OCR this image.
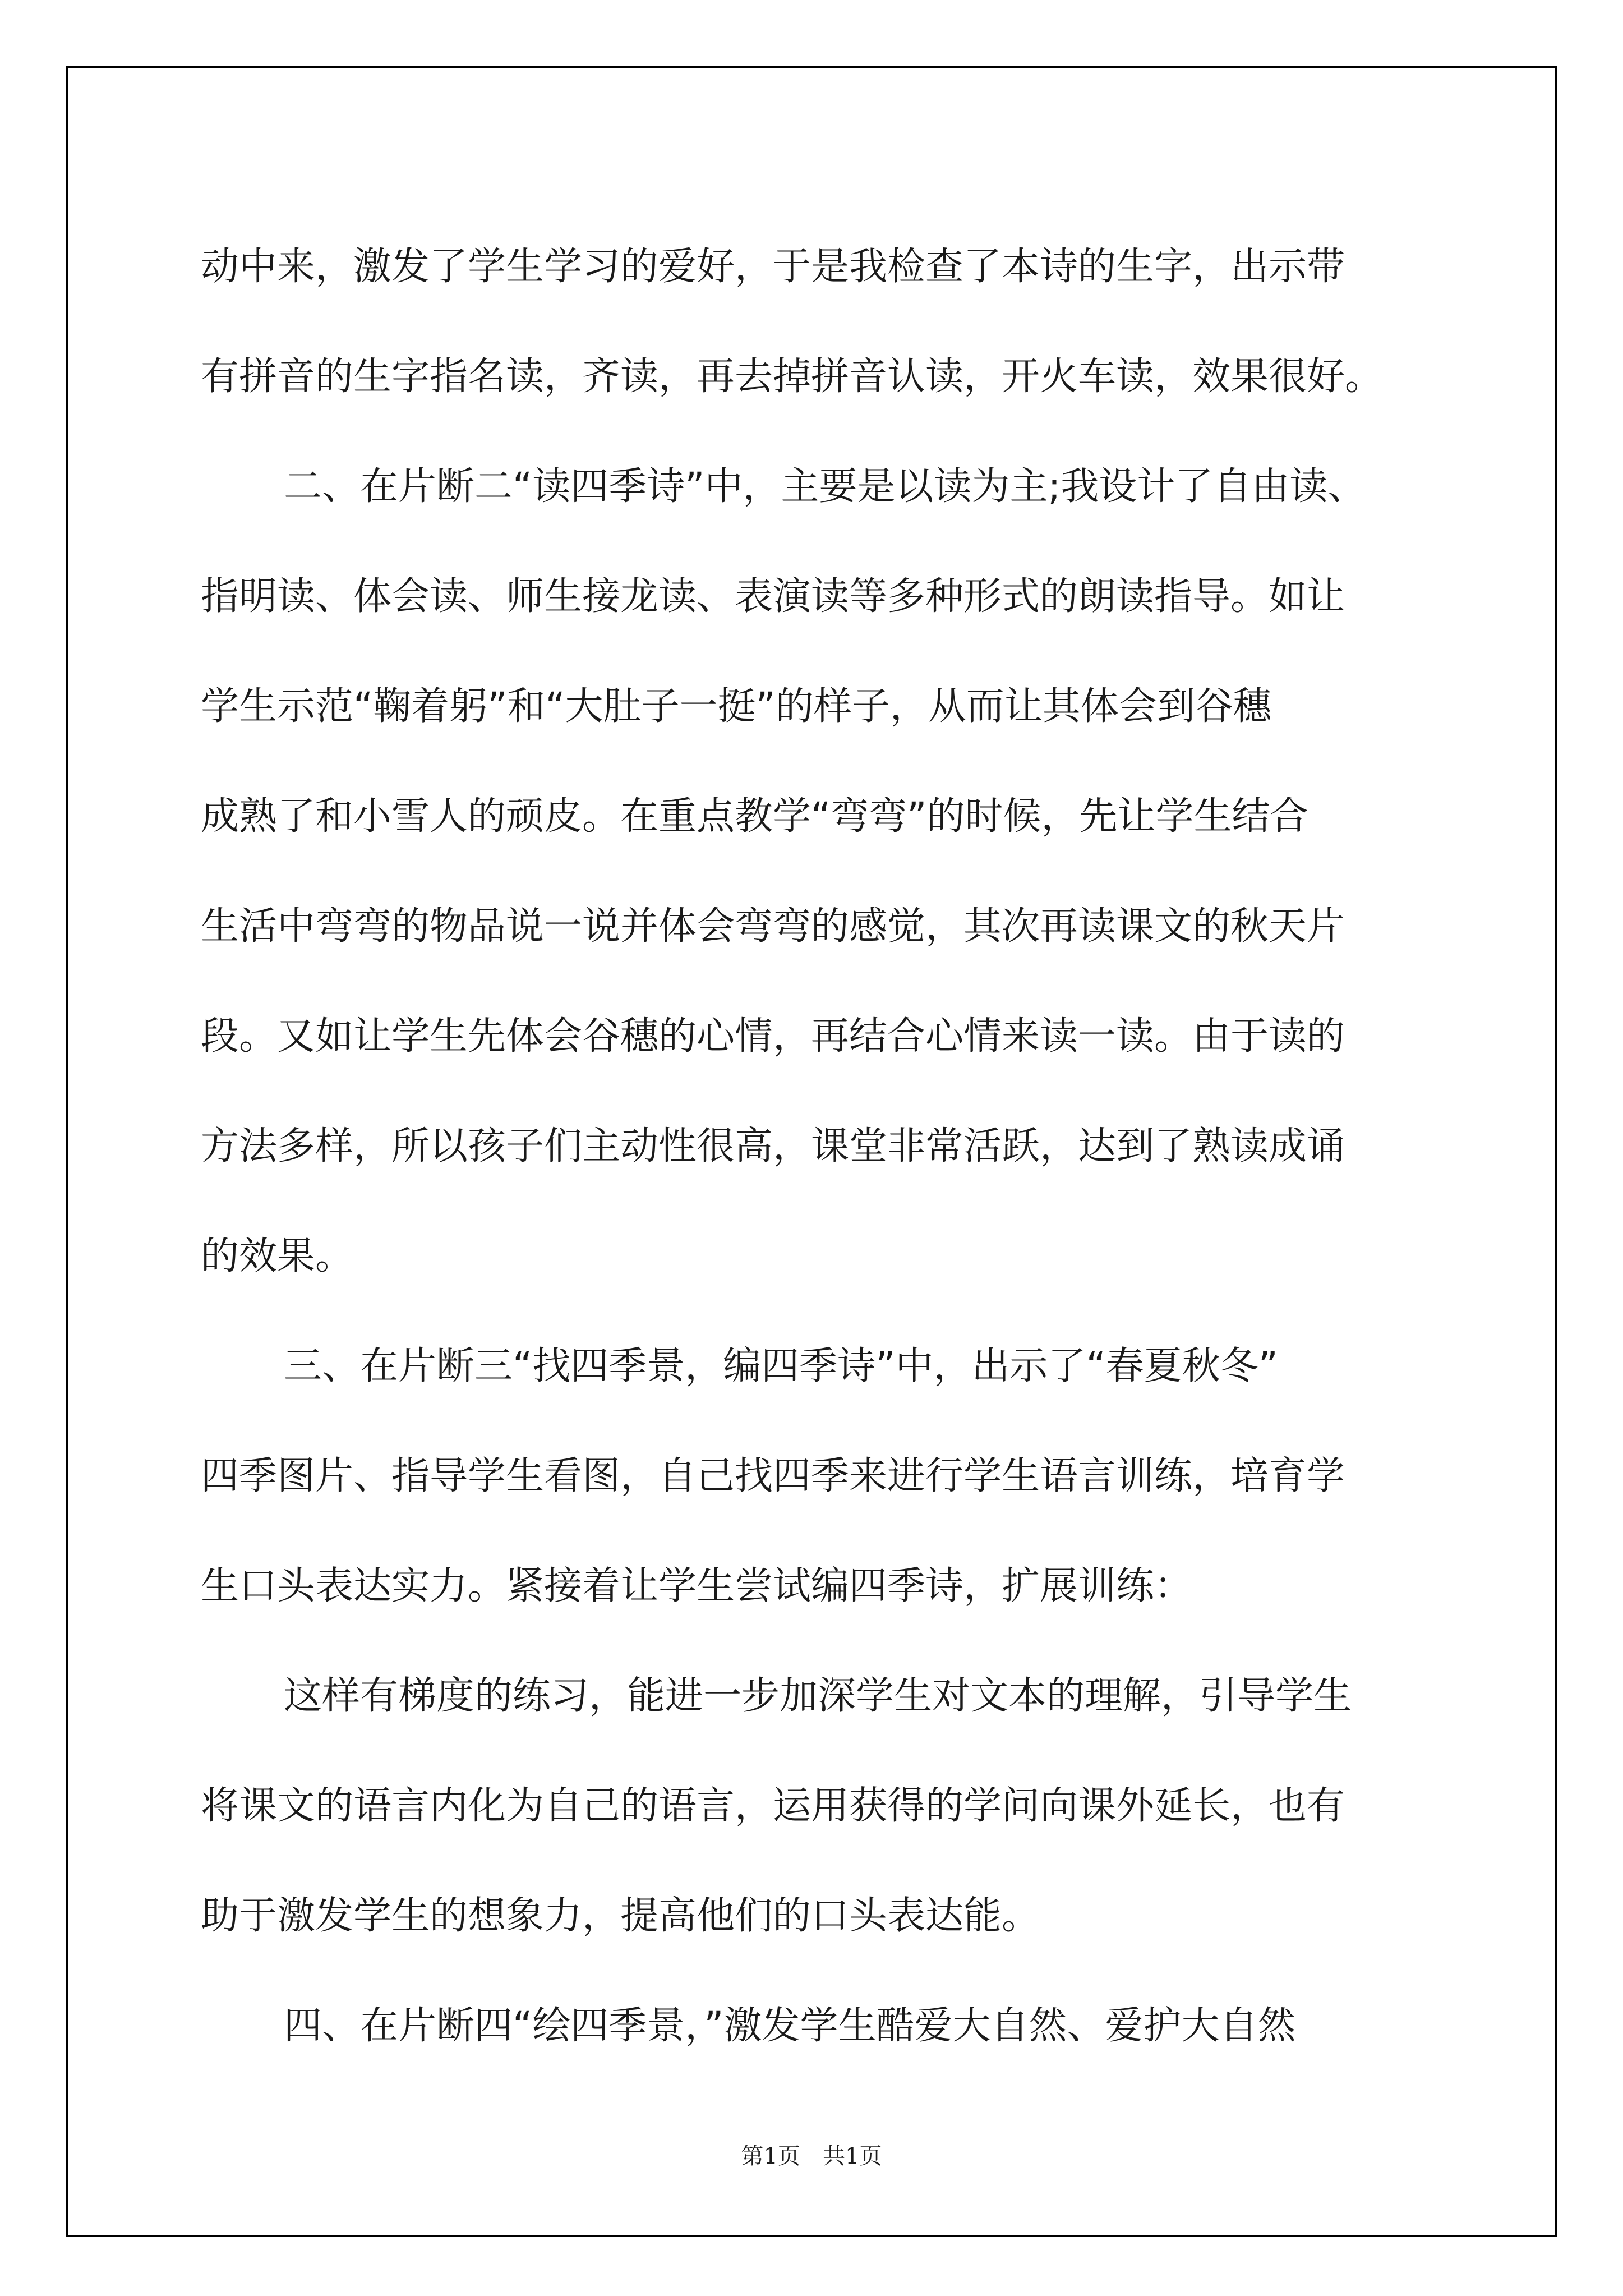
动中来，激发了学生学习的爱好，于是我检查了本诗的生字，出示带
有拼音的生字指名读，齐读，再去掉拼音认读，开火车读，效果很好。
二、在片断二“读四季诗”中，主要是以读为主;我设计了自由读、
指明读、体会读、师生接龙读、表演读等多种形式的朗读指导。如让
学生示范“鞠着躬”和“大肚子一挺”的样子，从而让其体会到谷穗
成熟了和小雪人的顽皮。在重点教学“弯弯”的时候，先让学生结合
生活中弯弯的物品说一说并体会弯弯的感觉，其次再读课文的秋天片
段。又如让学生先体会谷穗的心情，再结合心情来读一读。由于读的
方法多样，所以孩子们主动性很高，课堂非常活跃，达到了熟读成诵
的效果。
三、在片断三“找四季景，编四季诗”中，出示了“春夏秋冬”
四季图片、指导学生看图，自己找四季来进行学生语言训练，培育学
生口头表达实力。紧接着让学生尝试编四季诗，扩展训练：
这样有梯度的练习，能进一步加深学生对文本的理解，引导学生
将课文的语言内化为自己的语言，运用获得的学问向课外延长，也有
助于激发学生的想象力，提高他们的口头表达能。
四、在片断四“绘四季景，”激发学生酷爱大自然、爱护大自然
第1页　共1页
